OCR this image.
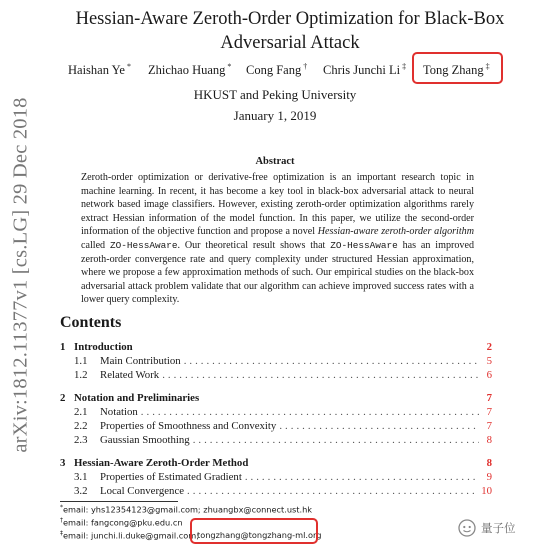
arXiv:1812.11377v1 [cs.LG] 29 Dec 2018
Hessian-Aware Zeroth-Order Optimization for Black-Box
Adversarial Attack
Haishan Ye * Zhichao Huang * Cong Fang † Chris Junchi Li ‡ Tong Zhang ‡
HKUST and Peking University
January 1, 2019
Abstract
Zeroth-order optimization or derivative-free optimization is an important research topic in machine learning. In recent, it has become a key tool in black-box adversarial attack to neural network based image classifiers. However, existing zeroth-order optimization algorithms rarely extract Hessian information of the model function. In this paper, we utilize the second-order information of the objective function and propose a novel Hessian-aware zeroth-order algorithm called ZO-HessAware. Our theoretical result shows that ZO-HessAware has an improved zeroth-order convergence rate and query complexity under structured Hessian approximation, where we propose a few approximation methods of such. Our empirical studies on the black-box adversarial attack problem validate that our algorithm can achieve improved success rates with a lower query complexity.
Contents
1 Introduction	2
1.1	Main Contribution .....	5
1.2	Related Work .....	6
2 Notation and Preliminaries	7
2.1	Notation .....	7
2.2	Properties of Smoothness and Convexity .....	7
2.3	Gaussian Smoothing .....	8
3 Hessian-Aware Zeroth-Order Method	8
3.1	Properties of Estimated Gradient .....	9
3.2	Local Convergence .....	10
*email: yhs12354123@gmail.com; zhuangbx@connect.ust.hk
†email: fangcong@pku.edu.cn
‡email: junchi.li.duke@gmail.com;
tongzhang@tongzhang-ml.org	量子位
